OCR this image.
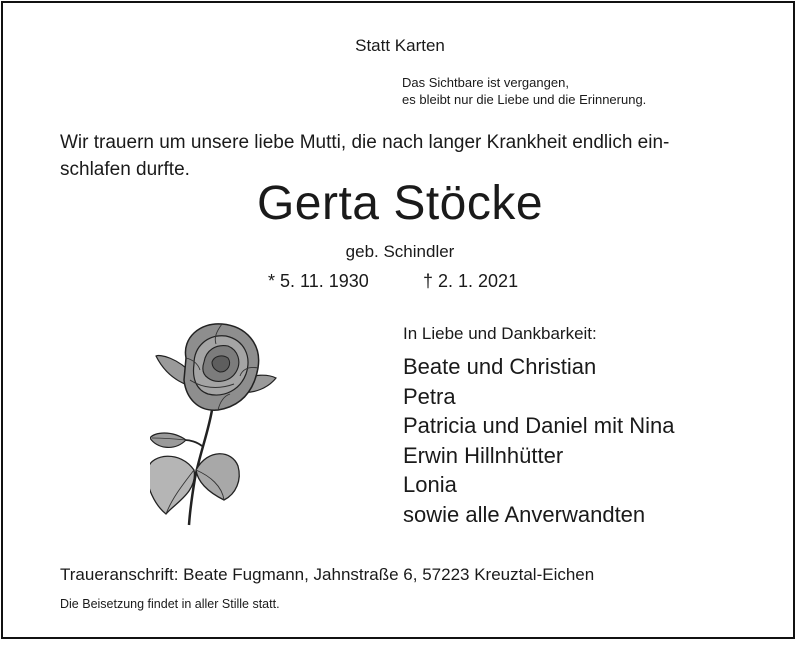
Statt Karten
Das Sichtbare ist vergangen,
es bleibt nur die Liebe und die Erinnerung.
Wir trauern um unsere liebe Mutti, die nach langer Krankheit endlich ein-
schlafen durfte.
Gerta Stöcke
geb. Schindler
* 5. 11. 1930	† 2. 1. 2021
In Liebe und Dankbarkeit:
Beate und Christian
Petra
Patricia und Daniel mit Nina
Erwin Hillnhütter
Lonia
sowie alle Anverwandten
Traueranschrift: Beate Fugmann, Jahnstraße 6, 57223 Kreuztal-Eichen
Die Beisetzung findet in aller Stille statt.
